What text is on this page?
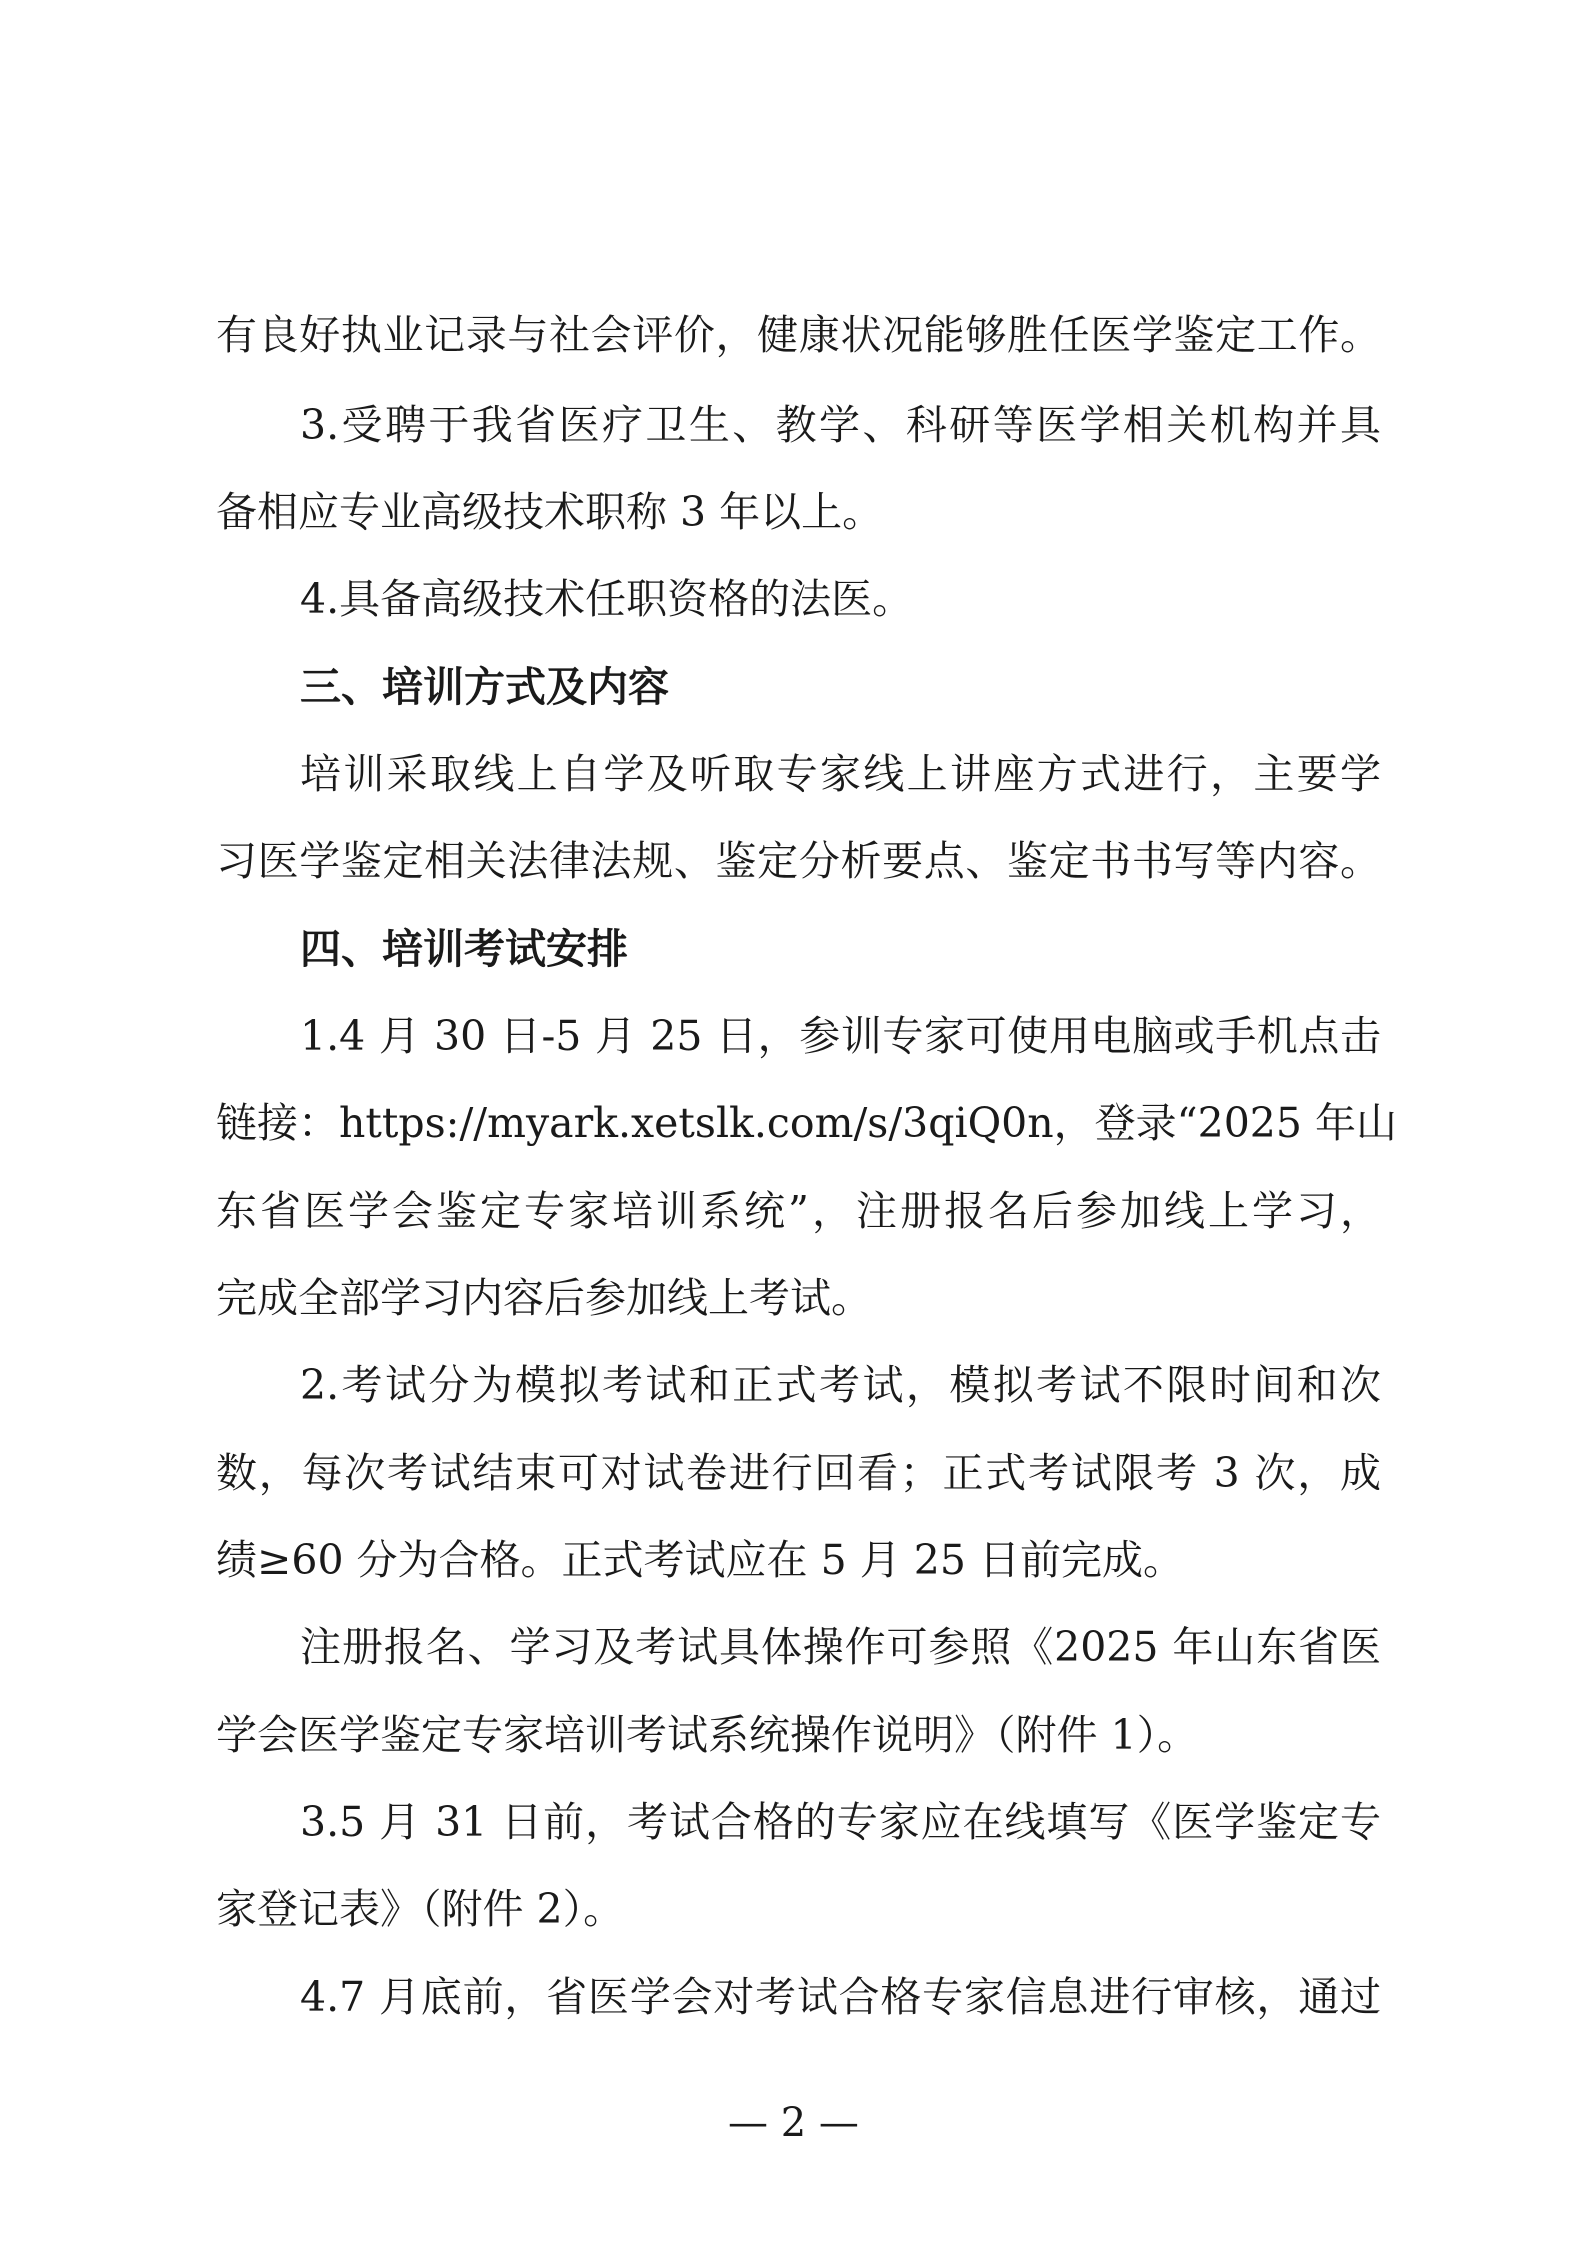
有良好执业记录与社会评价，健康状况能够胜任医学鉴定工作。
3.受聘于我省医疗卫生、教学、科研等医学相关机构并具
备相应专业高级技术职称 3 年以上。
4.具备高级技术任职资格的法医。
三、培训方式及内容
培训采取线上自学及听取专家线上讲座方式进行，主要学
习医学鉴定相关法律法规、鉴定分析要点、鉴定书书写等内容。
四、培训考试安排
1.4 月 30 日-5 月 25 日，参训专家可使用电脑或手机点击
链接：https://myark.xetslk.com/s/3qiQ0n，登录“2025 年山
东省医学会鉴定专家培训系统”，注册报名后参加线上学习，
完成全部学习内容后参加线上考试。
2.考试分为模拟考试和正式考试，模拟考试不限时间和次
数，每次考试结束可对试卷进行回看；正式考试限考 3 次，成
绩≥60 分为合格。正式考试应在 5 月 25 日前完成。
注册报名、学习及考试具体操作可参照《2025 年山东省医
学会医学鉴定专家培训考试系统操作说明》（附件 1）。
3.5 月 31 日前，考试合格的专家应在线填写《医学鉴定专
家登记表》（附件 2）。
4.7 月底前，省医学会对考试合格专家信息进行审核，通过
— 2 —
